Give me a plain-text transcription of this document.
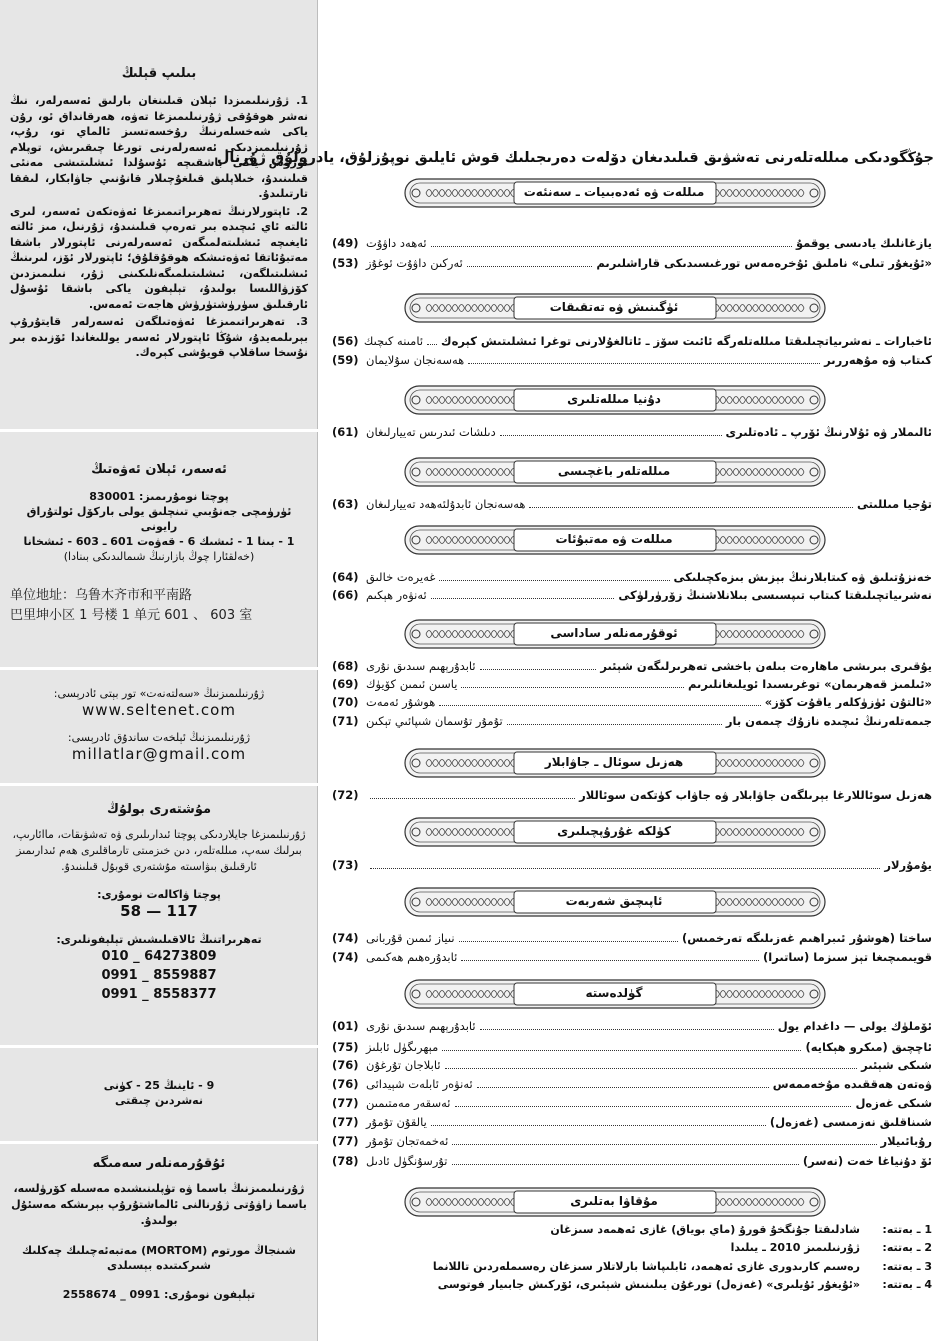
بىلىپ قېلىڭ
1. ژۇرنىلىمىزدا ئېلان قىلىنغان بارلىق ئەسەرلەر، نىڭ نەشر ھوقۇقى ژۇرنىلىمىزغا تەۋە، ھەرقانداق ئو، رۇن ياكى شەخسلەرنىڭ رۇخسەتسىز ئالماي تو، رۇپ، ژۇرنىلىمىزدىكى ئەسەرلەرنى تورغا چىقىرىش، توپلام تۈزۈش ياكى باشقىچە ئۇسۇلدا ئىشلىتىشى مەنئى قىلىنىدۇ، خىلاپلىق قىلغۇچىلار قانۇنىي جاۋابكار، لىققا تارتىلىدۇ.
2. ئاپتورلارنىڭ تەھرىراتىمىزغا ئەۋەتكەن ئەسەر، لىرى ئالتە ئاي ئىچىدە بىر تەرەپ قىلىنىدۇ، ژۇرنىل، مىز ئالتە ئايغىچە ئىشلىتەلمىگەن ئەسەرلەرنى ئاپتورلار باشقا مەتبۇئاتقا ئەۋەتىشكە ھوقۇقلۇق؛ ئاپتورلار ئۆز، لىرىنىڭ ئىشلىتىلگەن، ئىشلىتىلمىگەنلىكىنى ژۇر، نىلىمىزدىن كۆزۋاللىسا بولىدۇ، تېلېفون ياكى باشقا ئۇسۇل ئارقىلىق سۈرۈشتۈرۈش ھاجەت ئەمەس.
3. تەھرىراتىمىزغا ئەۋەتىلگەن ئەسەرلەر قايتۇرۇپ بېرىلمەيدۇ، شۇڭا ئاپتورلار ئەسەر يوللىغاندا ئۆزىدە بىر نۇسخا ساقلاپ قويۇشى كېرەك.
ئەسەر، ئېلان ئەۋەتىڭ
پوچتا نومۇرىمىز: 830001
ئۈرۈمچى جەنۇبىي تىنچلىق يولى باركۆل ئولتۇراق رايونى
1 - بىنا 1 - ئىشىك 6 - قەۋەت 601 ـ 603 - ئىشخانا
(خەلقئارا چوڭ بازارنىڭ شىمالىدىكى بىنادا)
单位地址：乌鲁木齐市和平南路
巴里坤小区 1 号楼 1 单元 601 、 603 室
ژۇرنىلىمىزنىڭ «سەلتەنەت» تور بېتى ئادرېسى:
www.seltenet.com
ژۇرنىلىمىزنىڭ ئېلخەت ساندۇق ئادرېسى:
millatlar@gmail.com
مۇشتەرى بولۇڭ
ژۇرنىلىمىزغا جايلاردىكى پوچتا ئىدارىلىرى ۋە تەشۋىقات، ماائارىپ، بىرلىك سەپ، مىللەتلەر، دىن خىزمىتى تارماقلىرى ھەم ئىدارىمىز ئارقىلىق بىۋاسىتە مۇشتەرى قوبۇل قىلىنىدۇ.
پوچتا ۋاكالەت نومۇرى:
58 — 117
تەھرىراتنىڭ ئالاقىلىشىش تېلېفونلىرى:
010 _ 64273809
0991 _ 8559887
0991 _ 8558377
9 - ئاينىڭ 25 - كۈنى
نەشردىن چىقتى
ئۇقۇرمەنلەر سەمىگە
ژۇرنىلىمىزنىڭ باسما ۋە تۈپلىنىشىدە مەسىلە كۆرۈلسە، باسما زاۋۇتى ژۇرنالنى ئالماشتۇرۇپ بېرىشكە مەسئۇل بولىدۇ.
شىنجاڭ مورتوم (MORTOM) مەتبەئەچىلىك چەكلىك
شىركىتىدە بېسىلدى
تېلېفون نومۇرى: 0991 _ 2558674
جۇڭگودىكى مىللەتلەرنى تەشۋىق قىلىدىغان دۆلەت دەرىجىلىك قوش ئايلىق نوپۇزلۇق، يادرولۇق ژۇرنال
مىللەت ۋە ئەدەبىيات ـ سەنئەت
يازغانلىك يادىسى يوقمۇ
ئەھەد داۋۇت
(49)
«ئۇيغۇر تىلى» ناملىق ئۇخرەمەس تورغىسىدىكى قاراشلىرىم
ئەركىن داۋۇت ئوغۇز
(53)
ئۈگىنىش ۋە تەتقىقات
ئاخبارات ـ نەشرىياتچىلىقتا مىللەتلەرگە ئائىت سۆز ـ ئاتالغۇلارنى توغرا ئىشلىتىش كېرەك
ئامىنە كىچىك
(56)
كىتاب ۋە مۇھەررىر
ھەسەنجان سۇلايمان
(59)
دۇنيا مىللەتلىرى
ئالىملار ۋە ئۇلارنىڭ ئۆرپ ـ ئادەتلىرى
دىلشات ئىدرىس تەييارلىغان
(61)
مىللەتلەر باغچىسى
تۇجيا مىللىتى
ھەسەنجان ئابدۇلئەھەد تەييارلىغان
(63)
مىللەت ۋە مەتبۇئات
خەنزۇتىلىق ۋە كىتابلارنىڭ بېزىش بىزەكچىلىكى
غەيرەت خالىق
(64)
نەشرىياتچىلىقتا كىتاب تىپسىسى بىلانلاشنىڭ زۆرۈرلۈكى
ئەنۋەر ھېكىم
(66)
ئوقۇرمەنلەر ساداسى
يۇقىرى بىرىشى ماھارەت بىلەن باخشى تەھرىرلىگەن شېئىر
ئابدۇرېھىم سىدىق نۇرى
(68)
«ئىلمىز قەھرىمان» توغرىسىدا ئويلىغانلىرىم
ياسىن ئىمىن كۆيۈك
(69)
«ئالتۇن ئۈزۈكلەر ياقۇت كۆز»
ھوشۇر ئەمەت
(70)
جىمەتلەرنىڭ ئىچىدە نازۇك چىمەن بار
تۇمۇر تۇسمان شىپائىي تېكىن
(71)
ھەزىل سوئال ـ جاۋابلار
ھەزىل سوئاللارغا بېرىلگەن جاۋابلار ۋە جاۋاب كۈتكەن سوئاللار
(72)
كۈلكە غۇرۇپچىلىرى
يۇمۇرلار
(73)
ئاپىچىق شەربەت
ساختا (ھوشۇر ئىبراھىم غەزىلىگە تەرخمىس)
نىياز ئىمىن قۇربانى
(74)
قويىمىچىغا تېز سىزما (ساتىرا)
ئابدۇرەھىم ھەكىمى
(74)
گۈلدەستە
ئۆملۈك يولى — داغدام يول
ئابدۇرېھىم سىدىق نۇرى
(01)
ئاچچىق (مىكرو ھېكايە)
مېھرىگۈل ئابلىز
(75)
شىكى شېئىر
ئابلاجان تۇرغۇن
(76)
ۋەتەن ھەققىدە مۇخەممەس
ئەنۋەر ئابلەت شېيدائى
(76)
شىكى غەزەل
ئەسقەر مەمتىمىن
(77)
شىناقلىق نەزمىسى (غەزەل)
يالقۇن تۇمۇر
(77)
رۇبائىيلار
ئەخمەتجان تۇمۇر
(77)
ئۆ دۇنياغا خەت (نەسر)
تۇرسۇنگۈل ئادىل
(78)
مۇقاۋا بەتلىرى
1 ـ بەتتە:
شادلىقتا جۇنگخۇ قورۇ (ماي بوياق) غازى ئەھمەد سىزغان
2 ـ بەتتە:
ژۇرنىلىمىز 2010 ـ يىلىدا
3 ـ بەتتە:
رەسىم كارىدورى غازى ئەھمەد، ئابلىپاشا بارلاتلار سىزغان رەسىملەردىن تاللانما
4 ـ بەتتە:
«ئۇيغۇر ئۇيلىرى» (غەزەل) تورغۇن يىلىنىش شېئىرى، ئۆركىش جابىيار فوتوسى
